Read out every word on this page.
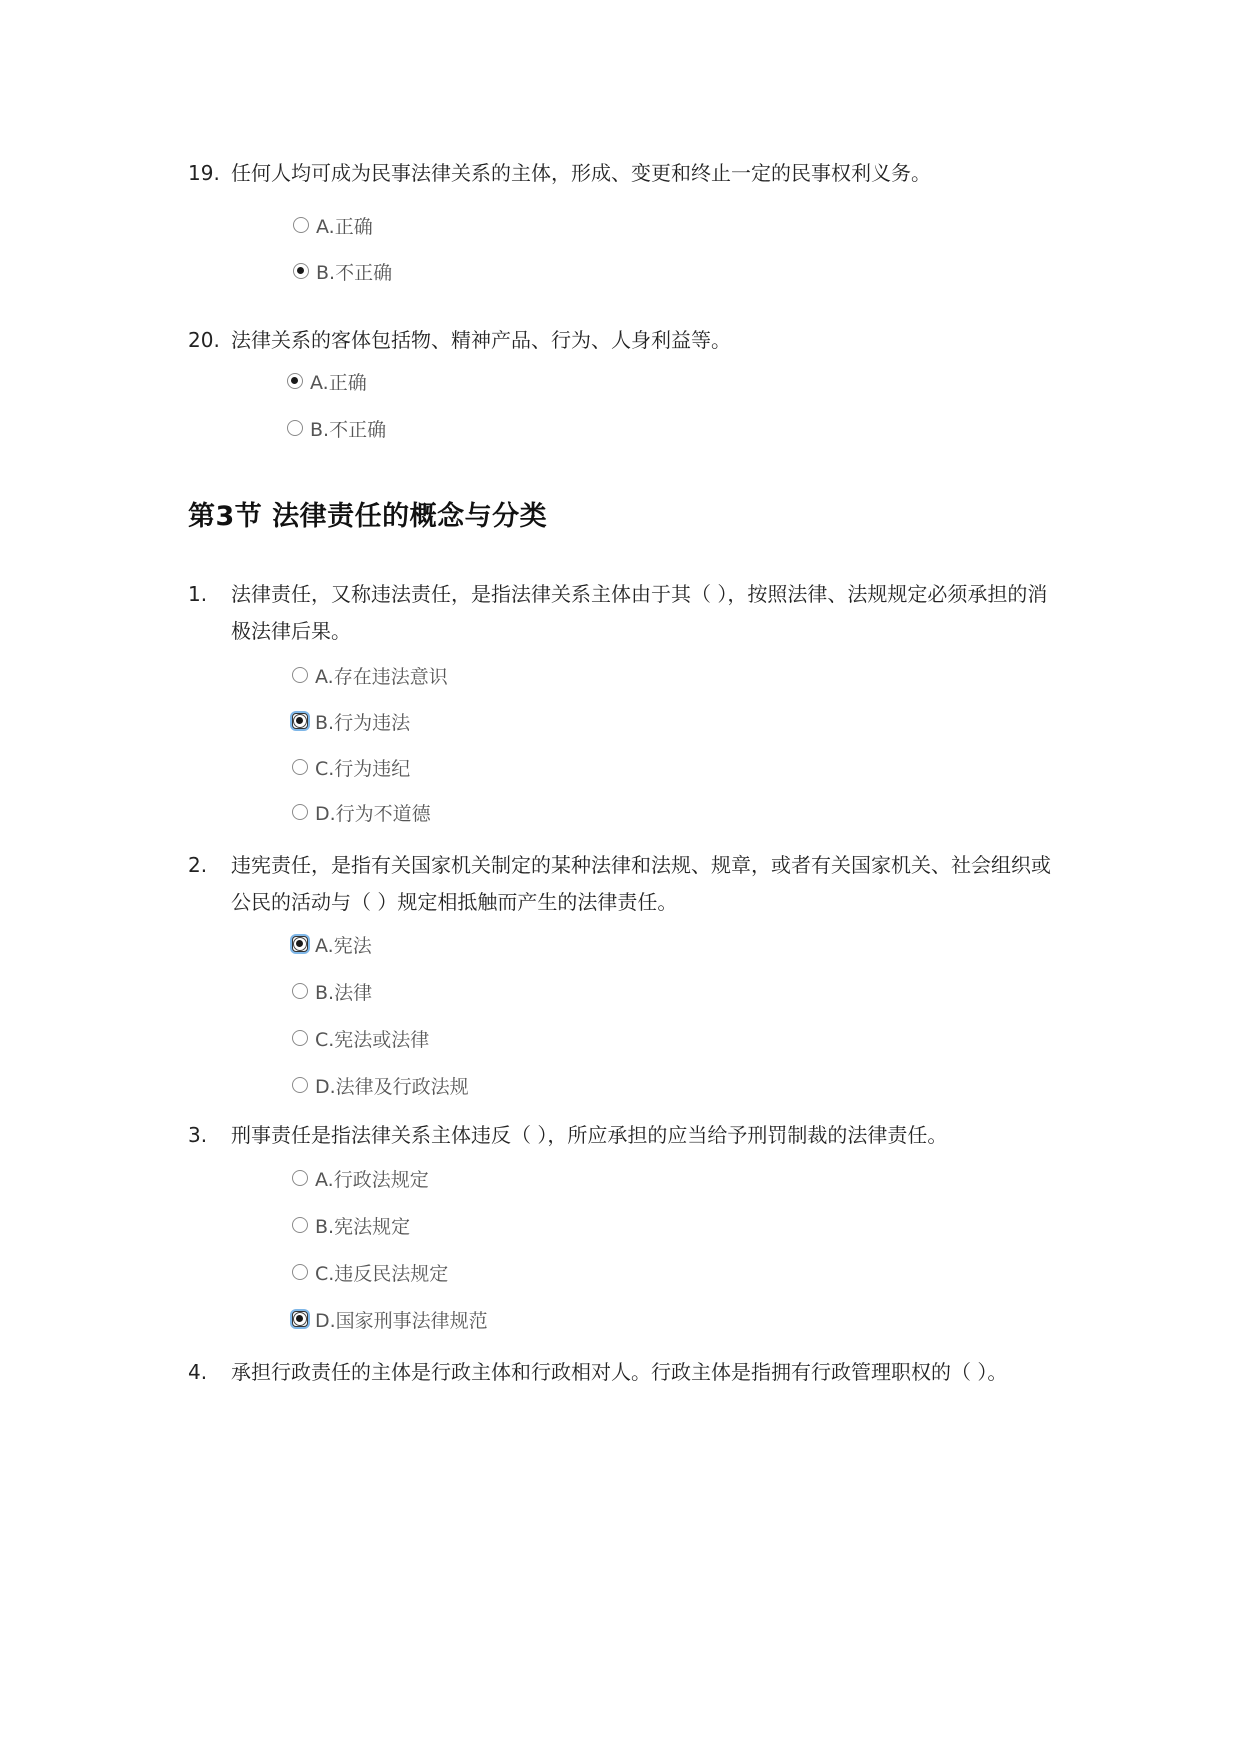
19. 任何人均可成为民事法律关系的主体，形成、变更和终止一定的民事权利义务。
A.正确
B.不正确
20. 法律关系的客体包括物、精神产品、行为、人身利益等。
A.正确
B.不正确
第3节 法律责任的概念与分类
1. 法律责任，又称违法责任，是指法律关系主体由于其（ ），按照法律、法规规定必须承担的消极法律后果。
A.存在违法意识
B.行为违法
C.行为违纪
D.行为不道德
2. 违宪责任，是指有关国家机关制定的某种法律和法规、规章，或者有关国家机关、社会组织或公民的活动与（ ）规定相抵触而产生的法律责任。
A.宪法
B.法律
C.宪法或法律
D.法律及行政法规
3. 刑事责任是指法律关系主体违反（ ），所应承担的应当给予刑罚制裁的法律责任。
A.行政法规定
B.宪法规定
C.违反民法规定
D.国家刑事法律规范
4. 承担行政责任的主体是行政主体和行政相对人。行政主体是指拥有行政管理职权的（ ）。
